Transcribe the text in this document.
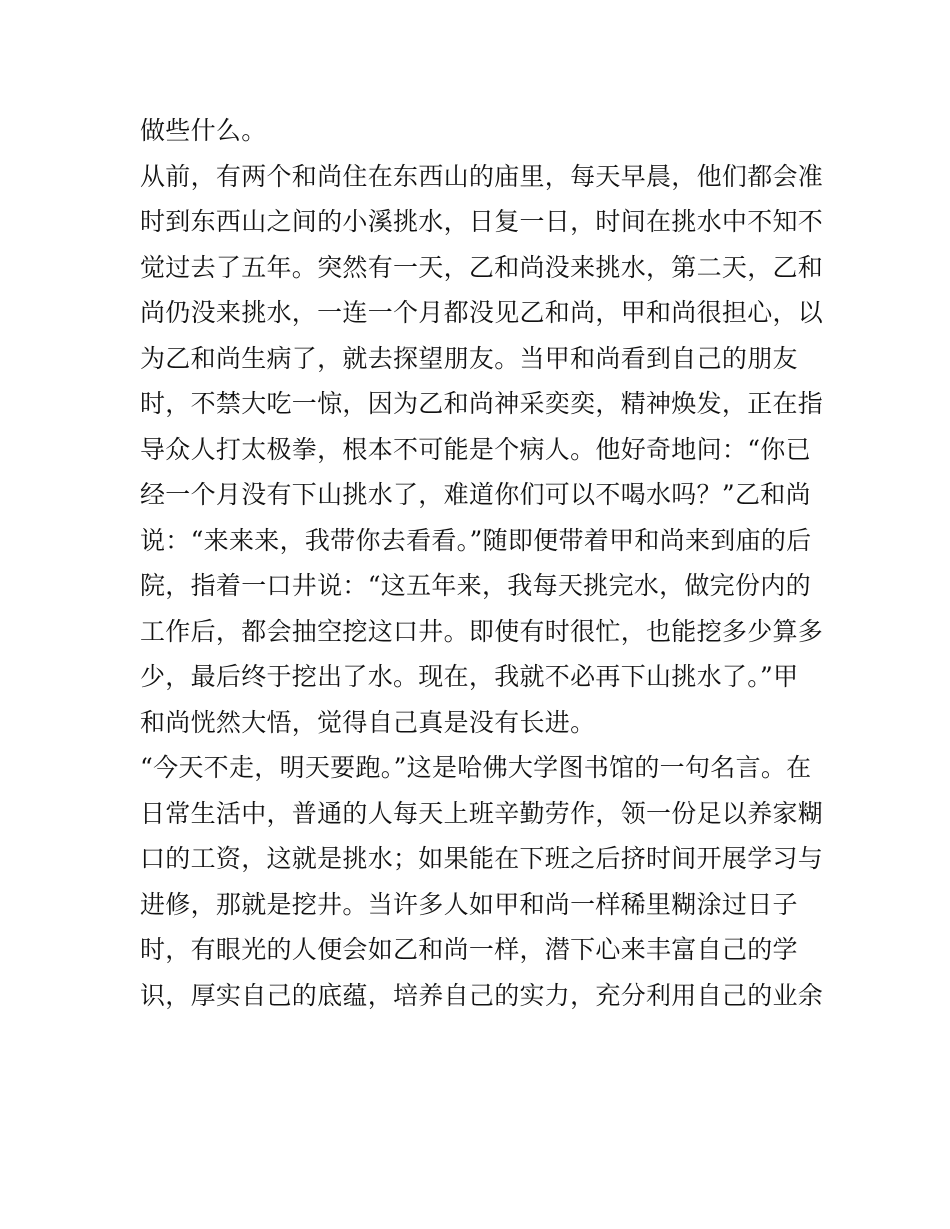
做些什么。
从前，有两个和尚住在东西山的庙里，每天早晨，他们都会准
时到东西山之间的小溪挑水，日复一日，时间在挑水中不知不
觉过去了五年。突然有一天，乙和尚没来挑水，第二天，乙和
尚仍没来挑水，一连一个月都没见乙和尚，甲和尚很担心，以
为乙和尚生病了，就去探望朋友。当甲和尚看到自己的朋友
时，不禁大吃一惊，因为乙和尚神采奕奕，精神焕发，正在指
导众人打太极拳，根本不可能是个病人。他好奇地问：“你已
经一个月没有下山挑水了，难道你们可以不喝水吗？”乙和尚
说：“来来来，我带你去看看。”随即便带着甲和尚来到庙的后
院，指着一口井说：“这五年来，我每天挑完水，做完份内的
工作后，都会抽空挖这口井。即使有时很忙，也能挖多少算多
少，最后终于挖出了水。现在，我就不必再下山挑水了。”甲
和尚恍然大悟，觉得自己真是没有长进。
“今天不走，明天要跑。”这是哈佛大学图书馆的一句名言。在
日常生活中，普通的人每天上班辛勤劳作，领一份足以养家糊
口的工资，这就是挑水；如果能在下班之后挤时间开展学习与
进修，那就是挖井。当许多人如甲和尚一样稀里糊涂过日子
时，有眼光的人便会如乙和尚一样，潜下心来丰富自己的学
识，厚实自己的底蕴，培养自己的实力，充分利用自己的业余
